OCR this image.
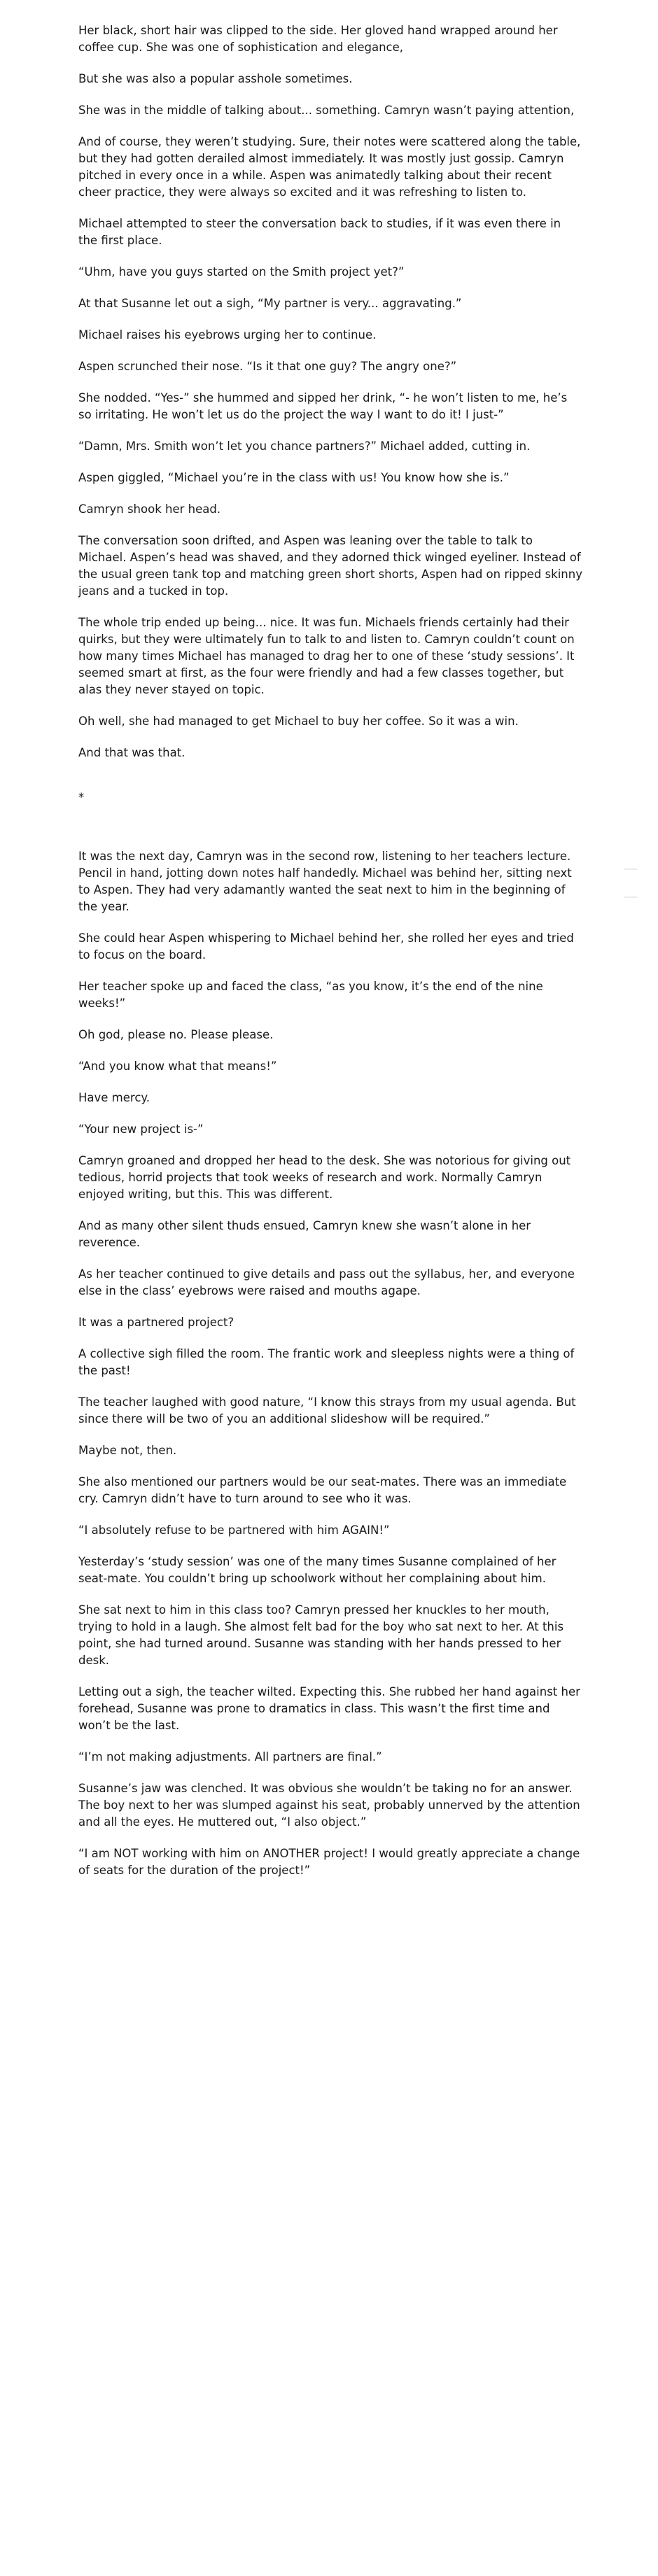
Her black, short hair was clipped to the side. Her gloved hand wrapped around her coffee cup. She was one of sophistication and elegance,

But she was also a popular asshole sometimes.

She was in the middle of talking about... something. Camryn wasn’t paying attention,

And of course, they weren’t studying. Sure, their notes were scattered along the table, but they had gotten derailed almost immediately. It was mostly just gossip. Camryn pitched in every once in a while. Aspen was animatedly talking about their recent cheer practice, they were always so excited and it was refreshing to listen to.

Michael attempted to steer the conversation back to studies, if it was even there in the first place.

“Uhm, have you guys started on the Smith project yet?”

At that Susanne let out a sigh, “My partner is very... aggravating.”

Michael raises his eyebrows urging her to continue.

Aspen scrunched their nose. “Is it that one guy? The angry one?”

She nodded. “Yes-” she hummed and sipped her drink, “- he won’t listen to me, he’s so irritating. He won’t let us do the project the way I want to do it! I just-”

“Damn, Mrs. Smith won’t let you chance partners?” Michael added, cutting in.

Aspen giggled, “Michael you’re in the class with us! You know how she is.”

Camryn shook her head.

The conversation soon drifted, and Aspen was leaning over the table to talk to Michael. Aspen’s head was shaved, and they adorned thick winged eyeliner. Instead of the usual green tank top and matching green short shorts, Aspen had on ripped skinny jeans and a tucked in top.

The whole trip ended up being... nice. It was fun. Michaels friends certainly had their quirks, but they were ultimately fun to talk to and listen to. Camryn couldn’t count on how many times Michael has managed to drag her to one of these ‘study sessions’. It seemed smart at first, as the four were friendly and had a few classes together, but alas they never stayed on topic.

Oh well, she had managed to get Michael to buy her coffee. So it was a win.

And that was that.

*

It was the next day, Camryn was in the second row, listening to her teachers lecture. Pencil in hand, jotting down notes half handedly. Michael was behind her, sitting next to Aspen. They had very adamantly wanted the seat next to him in the beginning of the year.

She could hear Aspen whispering to Michael behind her, she rolled her eyes and tried to focus on the board.

Her teacher spoke up and faced the class, “as you know, it’s the end of the nine weeks!”

Oh god, please no. Please please.

“And you know what that means!”

Have mercy.

“Your new project is-”

Camryn groaned and dropped her head to the desk. She was notorious for giving out tedious, horrid projects that took weeks of research and work. Normally Camryn enjoyed writing, but this. This was different.

And as many other silent thuds ensued, Camryn knew she wasn’t alone in her reverence.

As her teacher continued to give details and pass out the syllabus, her, and everyone else in the class’ eyebrows were raised and mouths agape.

It was a partnered project?

A collective sigh filled the room. The frantic work and sleepless nights were a thing of the past!

The teacher laughed with good nature, “I know this strays from my usual agenda. But since there will be two of you an additional slideshow will be required.”

Maybe not, then.

She also mentioned our partners would be our seat-mates. There was an immediate cry. Camryn didn’t have to turn around to see who it was.

“I absolutely refuse to be partnered with him AGAIN!”

Yesterday’s ‘study session’ was one of the many times Susanne complained of her seat-mate. You couldn’t bring up schoolwork without her complaining about him.

She sat next to him in this class too? Camryn pressed her knuckles to her mouth, trying to hold in a laugh. She almost felt bad for the boy who sat next to her. At this point, she had turned around. Susanne was standing with her hands pressed to her desk.

Letting out a sigh, the teacher wilted. Expecting this. She rubbed her hand against her forehead, Susanne was prone to dramatics in class. This wasn’t the first time and won’t be the last.

“I’m not making adjustments. All partners are final.”

Susanne’s jaw was clenched. It was obvious she wouldn’t be taking no for an answer. The boy next to her was slumped against his seat, probably unnerved by the attention and all the eyes. He muttered out, “I also object.”

“I am NOT working with him on ANOTHER project! I would greatly appreciate a change of seats for the duration of the project!”
